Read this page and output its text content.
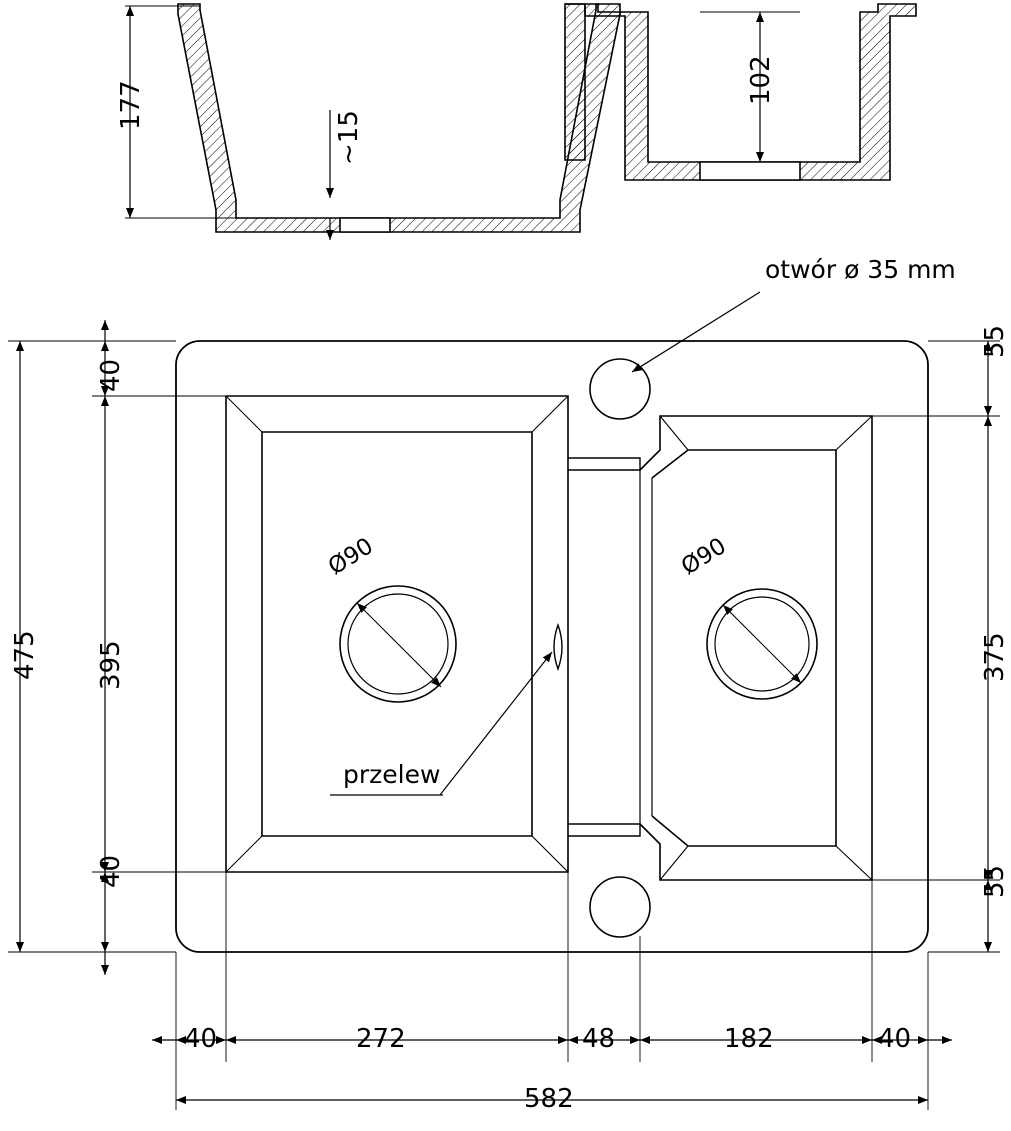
177
102
~15
otwór ø 35 mm
przelew
Ø90	Ø90
475
40
395
40
55
375
55
40	272	48	182	40
582
